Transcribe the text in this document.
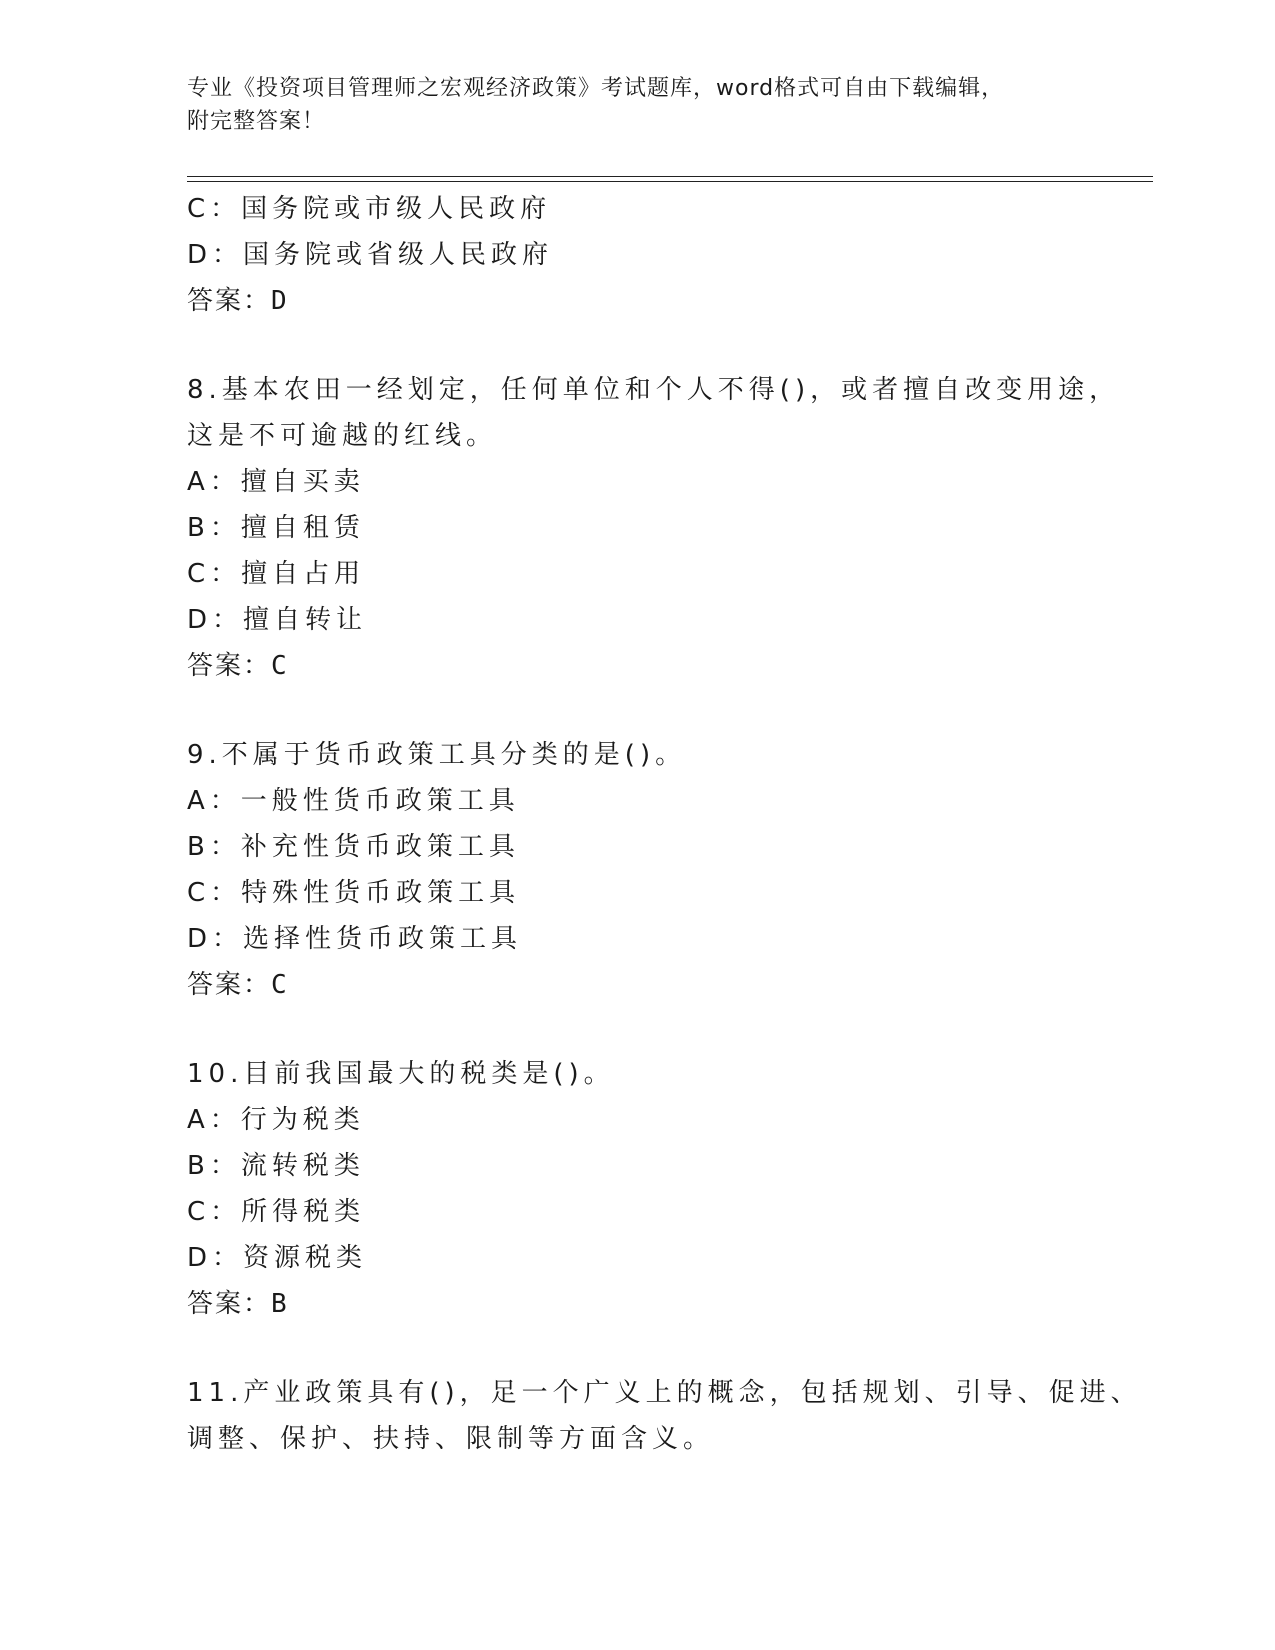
专业《投资项目管理师之宏观经济政策》考试题库，word格式可自由下载编辑，
附完整答案！
C：国务院或市级人民政府
D：国务院或省级人民政府
答案：D
8.基本农田一经划定，任何单位和个人不得()，或者擅自改变用途，
这是不可逾越的红线。
A：擅自买卖
B：擅自租赁
C：擅自占用
D：擅自转让
答案：C
9.不属于货币政策工具分类的是()。
A：一般性货币政策工具
B：补充性货币政策工具
C：特殊性货币政策工具
D：选择性货币政策工具
答案：C
10.目前我国最大的税类是()。
A：行为税类
B：流转税类
C：所得税类
D：资源税类
答案：B
11.产业政策具有()，足一个广义上的概念，包括规划、引导、促进、
调整、保护、扶持、限制等方面含义。
